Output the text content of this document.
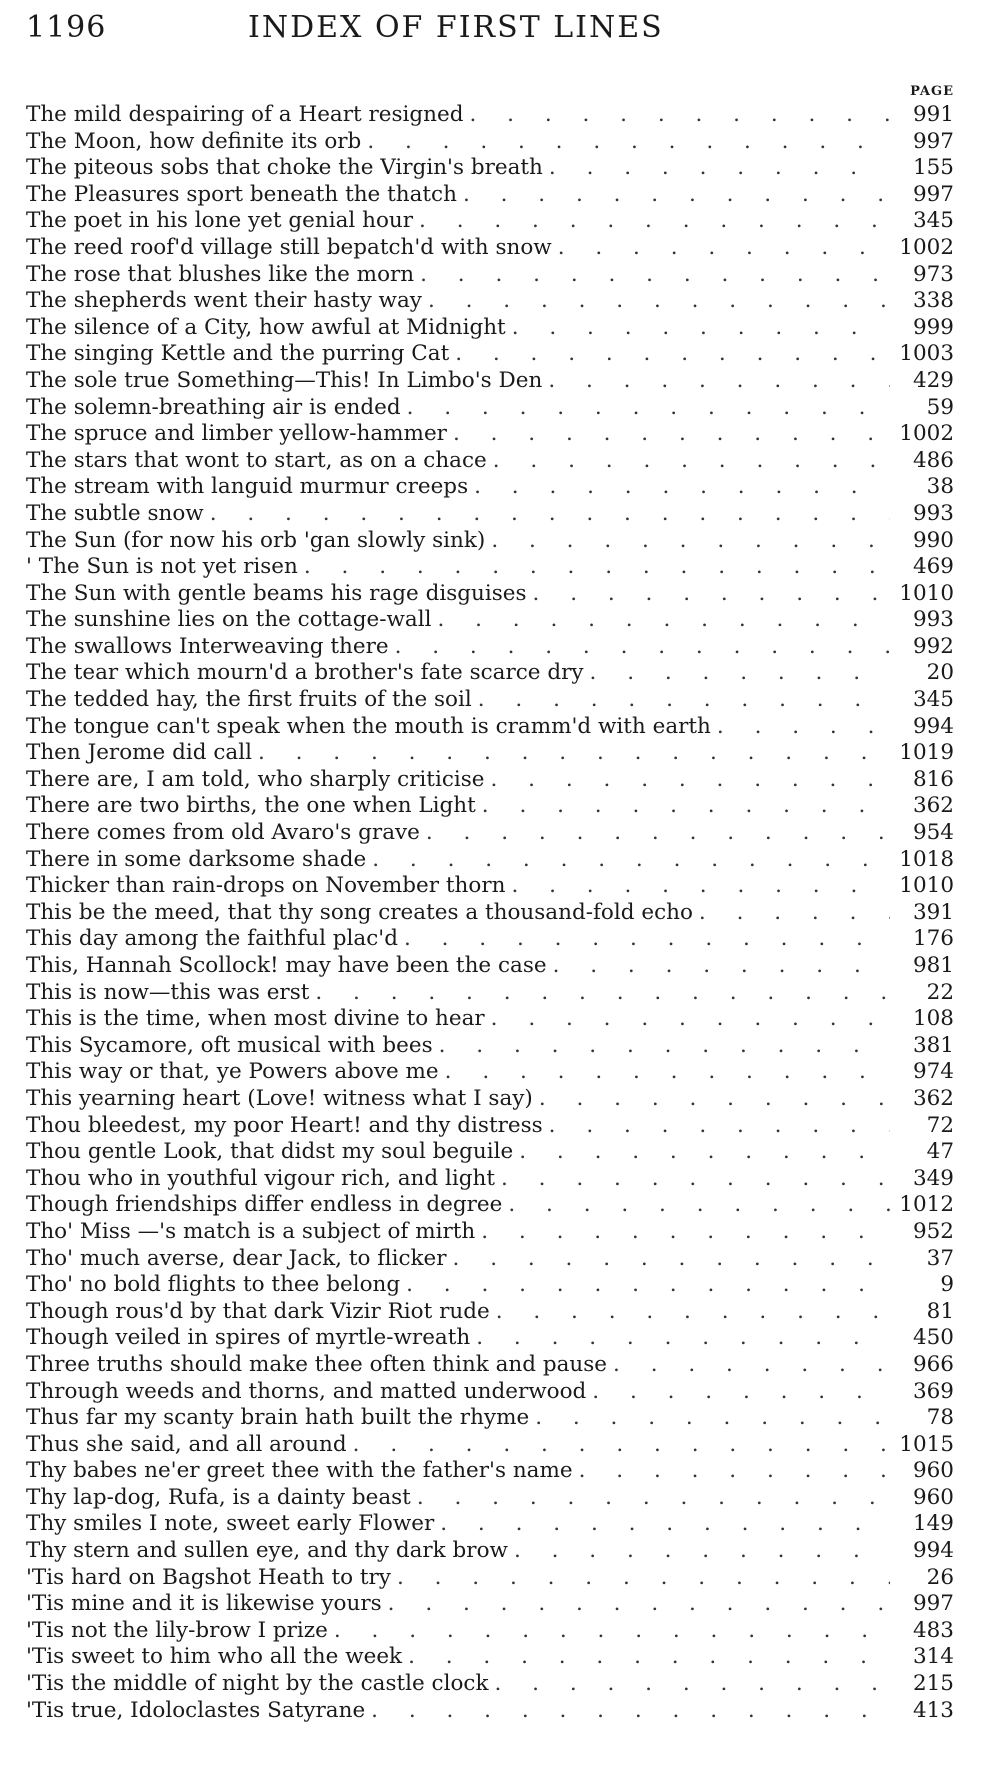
1196	INDEX OF FIRST LINES
PAGE
The mild despairing of a Heart resigned . . .	991
The Moon, how definite its orb . . .	997
The piteous sobs that choke the Virgin's breath . . .	155
The Pleasures sport beneath the thatch . . .	997
The poet in his lone yet genial hour . . .	345
The reed roof'd village still bepatch'd with snow . . .	1002
The rose that blushes like the morn . . .	973
The shepherds went their hasty way . . .	338
The silence of a City, how awful at Midnight . . .	999
The singing Kettle and the purring Cat . . .	1003
The sole true Something—This! In Limbo's Den . . .	429
The solemn-breathing air is ended . . .	59
The spruce and limber yellow-hammer . . .	1002
The stars that wont to start, as on a chace . . .	486
The stream with languid murmur creeps . . .	38
The subtle snow . . .	993
The Sun (for now his orb 'gan slowly sink) . . .	990
' The Sun is not yet risen . . .	469
The Sun with gentle beams his rage disguises . . .	1010
The sunshine lies on the cottage-wall . . .	993
The swallows Interweaving there . . .	992
The tear which mourn'd a brother's fate scarce dry . . .	20
The tedded hay, the first fruits of the soil . . .	345
The tongue can't speak when the mouth is cramm'd with earth . . .	994
Then Jerome did call . . .	1019
There are, I am told, who sharply criticise . . .	816
There are two births, the one when Light . . .	362
There comes from old Avaro's grave . . .	954
There in some darksome shade . . .	1018
Thicker than rain-drops on November thorn . . .	1010
This be the meed, that thy song creates a thousand-fold echo . . .	391
This day among the faithful plac'd . . .	176
This, Hannah Scollock! may have been the case . . .	981
This is now—this was erst . . .	22
This is the time, when most divine to hear . . .	108
This Sycamore, oft musical with bees . . .	381
This way or that, ye Powers above me . . .	974
This yearning heart (Love! witness what I say) . . .	362
Thou bleedest, my poor Heart! and thy distress . . .	72
Thou gentle Look, that didst my soul beguile . . .	47
Thou who in youthful vigour rich, and light . . .	349
Though friendships differ endless in degree . . .	1012
Tho' Miss —'s match is a subject of mirth . . .	952
Tho' much averse, dear Jack, to flicker . . .	37
Tho' no bold flights to thee belong . . .	9
Though rous'd by that dark Vizir Riot rude . . .	81
Though veiled in spires of myrtle-wreath . . .	450
Three truths should make thee often think and pause . . .	966
Through weeds and thorns, and matted underwood . . .	369
Thus far my scanty brain hath built the rhyme . . .	78
Thus she said, and all around . . .	1015
Thy babes ne'er greet thee with the father's name . . .	960
Thy lap-dog, Rufa, is a dainty beast . . .	960
Thy smiles I note, sweet early Flower . . .	149
Thy stern and sullen eye, and thy dark brow . . .	994
'Tis hard on Bagshot Heath to try . . .	26
'Tis mine and it is likewise yours . . .	997
'Tis not the lily-brow I prize . . .	483
'Tis sweet to him who all the week . . .	314
'Tis the middle of night by the castle clock . . .	215
'Tis true, Idoloclastes Satyrane . . .	413
